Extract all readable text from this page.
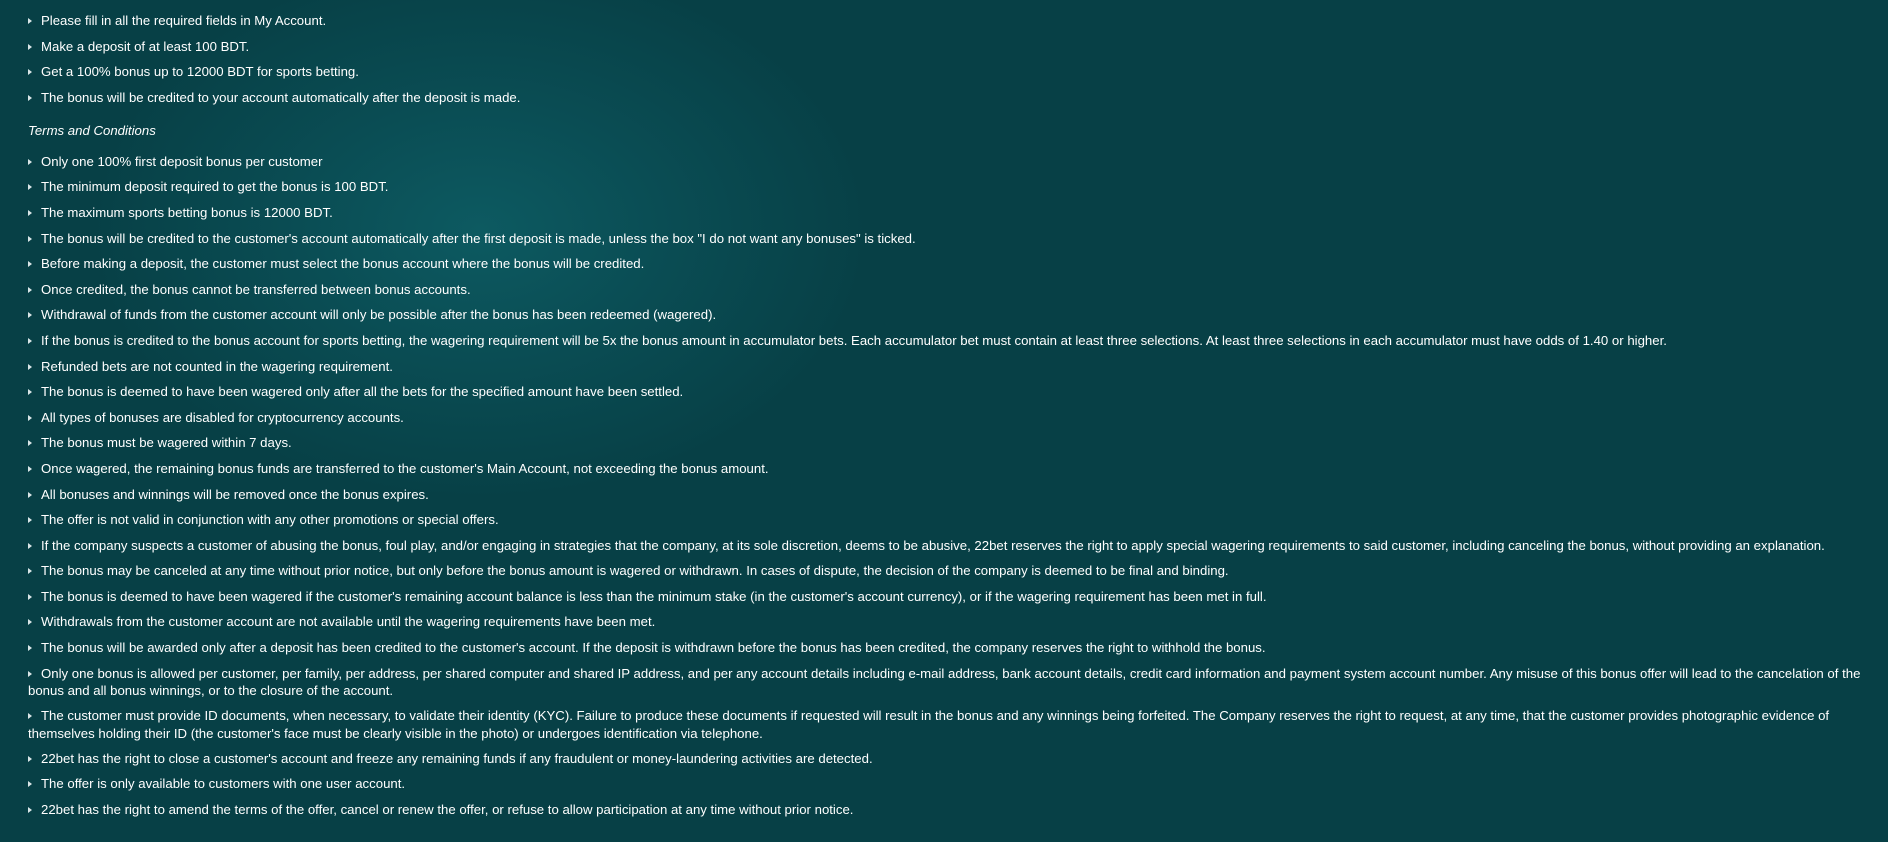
Please fill in all the required fields in My Account.
Make a deposit of at least 100 BDT.
Get a 100% bonus up to 12000 BDT for sports betting.
The bonus will be credited to your account automatically after the deposit is made.
Terms and Conditions
Only one 100% first deposit bonus per customer
The minimum deposit required to get the bonus is 100 BDT.
The maximum sports betting bonus is 12000 BDT.
The bonus will be credited to the customer's account automatically after the first deposit is made, unless the box "I do not want any bonuses" is ticked.
Before making a deposit, the customer must select the bonus account where the bonus will be credited.
Once credited, the bonus cannot be transferred between bonus accounts.
Withdrawal of funds from the customer account will only be possible after the bonus has been redeemed (wagered).
If the bonus is credited to the bonus account for sports betting, the wagering requirement will be 5x the bonus amount in accumulator bets. Each accumulator bet must contain at least three selections. At least three selections in each accumulator must have odds of 1.40 or higher.
Refunded bets are not counted in the wagering requirement.
The bonus is deemed to have been wagered only after all the bets for the specified amount have been settled.
All types of bonuses are disabled for cryptocurrency accounts.
The bonus must be wagered within 7 days.
Once wagered, the remaining bonus funds are transferred to the customer's Main Account, not exceeding the bonus amount.
All bonuses and winnings will be removed once the bonus expires.
The offer is not valid in conjunction with any other promotions or special offers.
If the company suspects a customer of abusing the bonus, foul play, and/or engaging in strategies that the company, at its sole discretion, deems to be abusive, 22bet reserves the right to apply special wagering requirements to said customer, including canceling the bonus, without providing an explanation.
The bonus may be canceled at any time without prior notice, but only before the bonus amount is wagered or withdrawn. In cases of dispute, the decision of the company is deemed to be final and binding.
The bonus is deemed to have been wagered if the customer's remaining account balance is less than the minimum stake (in the customer's account currency), or if the wagering requirement has been met in full.
Withdrawals from the customer account are not available until the wagering requirements have been met.
The bonus will be awarded only after a deposit has been credited to the customer's account. If the deposit is withdrawn before the bonus has been credited, the company reserves the right to withhold the bonus.
Only one bonus is allowed per customer, per family, per address, per shared computer and shared IP address, and per any account details including e-mail address, bank account details, credit card information and payment system account number. Any misuse of this bonus offer will lead to the cancelation of the bonus and all bonus winnings, or to the closure of the account.
The customer must provide ID documents, when necessary, to validate their identity (KYC). Failure to produce these documents if requested will result in the bonus and any winnings being forfeited. The Company reserves the right to request, at any time, that the customer provides photographic evidence of themselves holding their ID (the customer's face must be clearly visible in the photo) or undergoes identification via telephone.
22bet has the right to close a customer's account and freeze any remaining funds if any fraudulent or money-laundering activities are detected.
The offer is only available to customers with one user account.
22bet has the right to amend the terms of the offer, cancel or renew the offer, or refuse to allow participation at any time without prior notice.
